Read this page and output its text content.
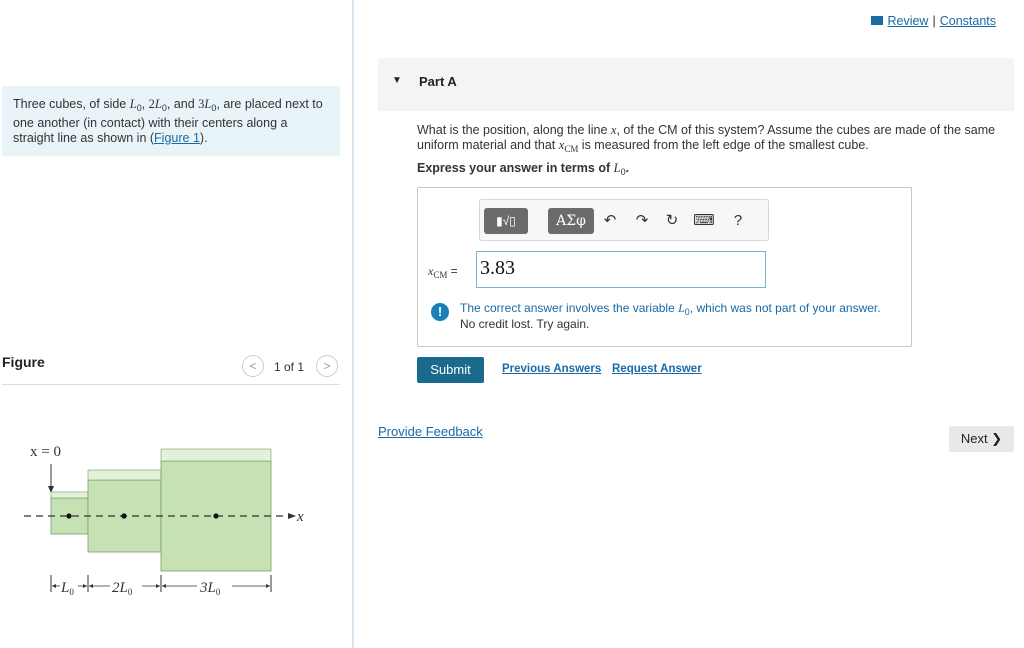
Three cubes, of side $L_0$, $2L_0$, and $3L_0$, are placed next to one another (in contact) with their centers along a straight line as shown in (Figure 1).
Figure	<	1 of 1	>
x = 0
x
$L_0$	$2L_0$	$3L_0$
Review | Constants
▼ Part A
What is the position, along the line x, of the CM of this system? Assume the cubes are made of the same uniform material and that $x_{CM}$ is measured from the left edge of the smallest cube.
Express your answer in terms of $L_0$.
▮√▯	ΑΣφ	↶	↷	↻ ⌨	?
$x_{CM} = 3.83$
!	The correct answer involves the variable $L_0$, which was not part of your answer.
No credit lost. Try again.
Submit	Previous Answers Request Answer
Provide Feedback	Next ❯
